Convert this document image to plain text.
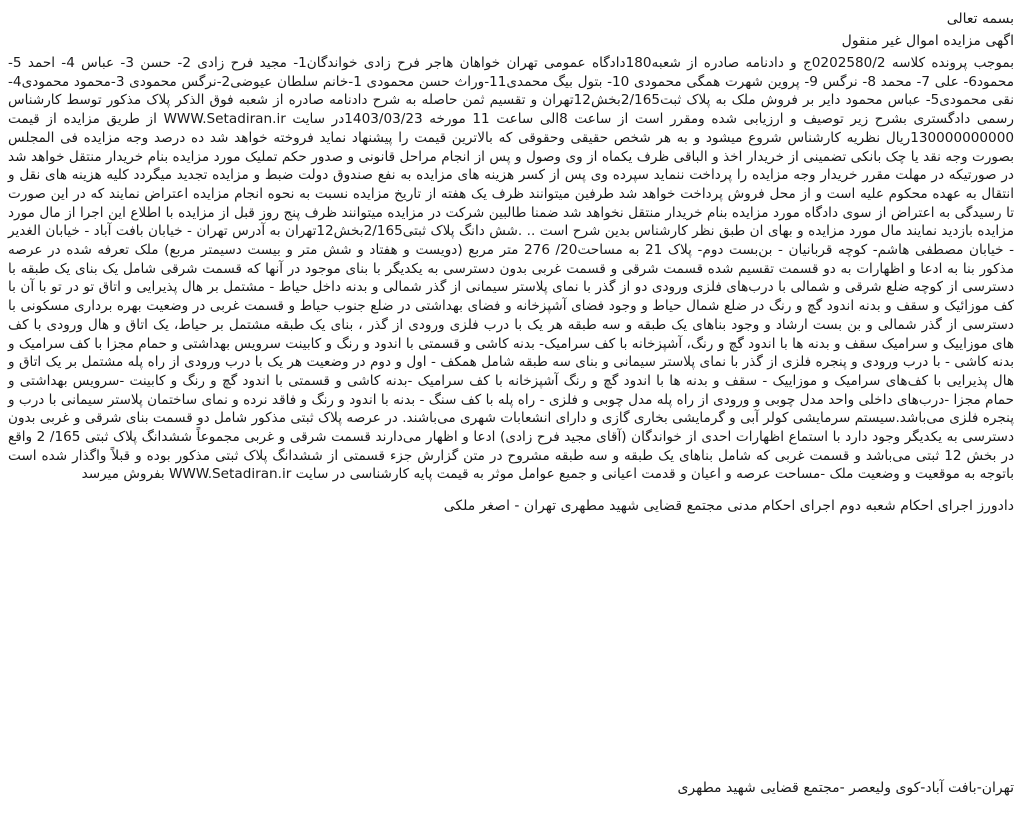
بسمه تعالی
اگهی مزایده اموال غیر منقول
بموجب پرونده کلاسه 0202580/2ج و دادنامه صادره از شعبه180دادگاه عمومی تهران خواهان هاجر فرح زادی خواندگان1- مجید فرح زادی 2- حسن 3- عباس 4- احمد 5- محمود6- علی 7- محمد 8- نرگس 9- پروین شهرت همگی محمودی 10- بتول بیگ محمدی11-وراث حسن محمودی 1-خانم سلطان عیوضی2-نرگس محمودی 3-محمود محمودی4-نقی محمودی5- عباس محمود دایر بر فروش ملک به پلاک ثبت2/165بخش12تهران و تقسیم ثمن حاصله به شرح دادنامه صادره از شعبه فوق الذکر پلاک مذکور توسط کارشناس رسمی دادگستری بشرح زیر توصیف و ارزیابی شده ومقرر است از ساعت 8الی ساعت 11 مورخه 1403/03/23در سایت WWW.Setadiran.ir از طریق مزایده از قیمت 130000000000ریال نظریه کارشناس شروع میشود و به هر شخص حقیقی وحقوقی که بالاترین قیمت را پیشنهاد نماید فروخته خواهد شد ده درصد وجه مزایده فی المجلس بصورت وجه نقد یا چک بانکی تضمینی از خریدار اخذ و الباقی ظرف یکماه از وی وصول و پس از انجام مراحل قانونی و صدور حکم تملیک مورد مزایده بنام خریدار منتقل خواهد شد در صورتیکه در مهلت مقرر خریدار وجه مزایده را پرداخت ننماید سپرده وی پس از کسر هزینه های مزایده به نفع صندوق دولت ضبط و مزایده تجدید میگردد کلیه هزینه های نقل و انتقال به عهده محکوم علیه است و از محل فروش پرداخت خواهد شد طرفین میتوانند ظرف یک هفته از تاریخ مزایده نسبت به نحوه انجام مزایده اعتراض نمایند که در این صورت تا رسیدگی به اعتراض از سوی دادگاه مورد مزایده بنام خریدار منتقل نخواهد شد ضمنا طالبین شرکت در مزایده میتوانند ظرف پنج روز قبل از مزایده با اطلاع این اجرا از مال مورد مزایده بازدید نمایند مال مورد مزایده و بهای ان طبق نظر کارشناس بدین شرح است .. .شش دانگ پلاک ثبتی2/165بخش12تهران به آدرس تهران - خیابان بافت آباد - خیابان الغدیر - خیابان مصطفی هاشم- کوچه قربانیان - بن‌بست دوم- پلاک 21 به مساحت20/ 276 متر مربع (دویست و هفتاد و شش متر و بیست دسیمتر مربع) ملک تعرفه شده در عرصه مذکور بنا به ادعا و اظهارات به دو قسمت تقسیم شده قسمت شرقی و قسمت غربی بدون دسترسی به یکدیگر با بنای موجود در آنها که قسمت شرقی شامل یک بنای یک طبقه با دسترسی از کوچه ضلع شرقی و شمالی با درب‌های فلزی ورودی دو از گذر با نمای پلاستر سیمانی از گذر شمالی و بدنه داخل حیاط - مشتمل بر هال پذیرایی و اتاق تو در تو با آن با کف موزائیک و سقف و بدنه اندود گچ و رنگ در ضلع شمال حیاط و وجود فضای آشپزخانه و فضای بهداشتی در ضلع جنوب حیاط و قسمت غربی در وضعیت بهره برداری مسکونی با دسترسی از گذر شمالی و بن بست ارشاد و وجود بناهای یک طبقه و سه طبقه هر یک با درب فلزی ورودی از گذر ، بنای یک طبقه مشتمل بر حیاط، یک اتاق و هال ورودی با کف های موزاییک و سرامیک سقف و بدنه ها با اندود گچ و رنگ، آشپزخانه با کف سرامیک- بدنه کاشی و قسمتی با اندود و رنگ و کابینت سرویس بهداشتی و حمام مجزا با کف سرامیک و بدنه کاشی - با درب ورودی و پنجره فلزی از گذر با نمای پلاستر سیمانی و بنای سه طبقه شامل همکف - اول و دوم در وضعیت هر یک با درب ورودی از راه پله مشتمل بر یک اتاق و هال پذیرایی با کف‌های سرامیک و موزاییک - سقف و بدنه ها با اندود گچ و رنگ آشپزخانه با کف سرامیک -بدنه کاشی و قسمتی با اندود گچ و رنگ و کابینت -سرویس بهداشتی و حمام مجزا -درب‌های داخلی واحد مدل چوبی و ورودی از راه پله مدل چوبی و فلزی - راه پله با کف سنگ - بدنه با اندود و رنگ و فاقد نرده و نمای ساختمان پلاستر سیمانی با درب و پنجره فلزی می‌باشد.سیستم سرمایشی کولر آبی و گرمایشی بخاری گازی و دارای انشعابات شهری می‌باشند. در عرصه پلاک ثبتی مذکور شامل دو قسمت بنای شرقی و غربی بدون دسترسی به یکدیگر وجود دارد با استماع اظهارات احدی از خواندگان (آقای مجید فرح زادی) ادعا و اظهار می‌دارند قسمت شرقی و غربی مجموعاً ششدانگ پلاک ثبتی 165/ 2 واقع در بخش 12 ثبتی می‌باشد و قسمت غربی که شامل بناهای یک طبقه و سه طبقه مشروح در متن گزارش جزء قسمتی از ششدانگ پلاک ثبتی مذکور بوده و قبلاً واگذار شده است باتوجه به موقعیت و وضعیت ملک -مساحت عرصه و اعیان و قدمت اعیانی و جمیع عوامل موثر به قیمت پایه کارشناسی در سایت WWW.Setadiran.ir بفروش میرسد
دادورز اجرای احکام شعبه دوم اجرای احکام مدنی مجتمع قضایی شهید مطهری تهران - اصغر ملکی
تهران-بافت آباد-کوی ولیعصر -مجتمع قضایی شهید مطهری
